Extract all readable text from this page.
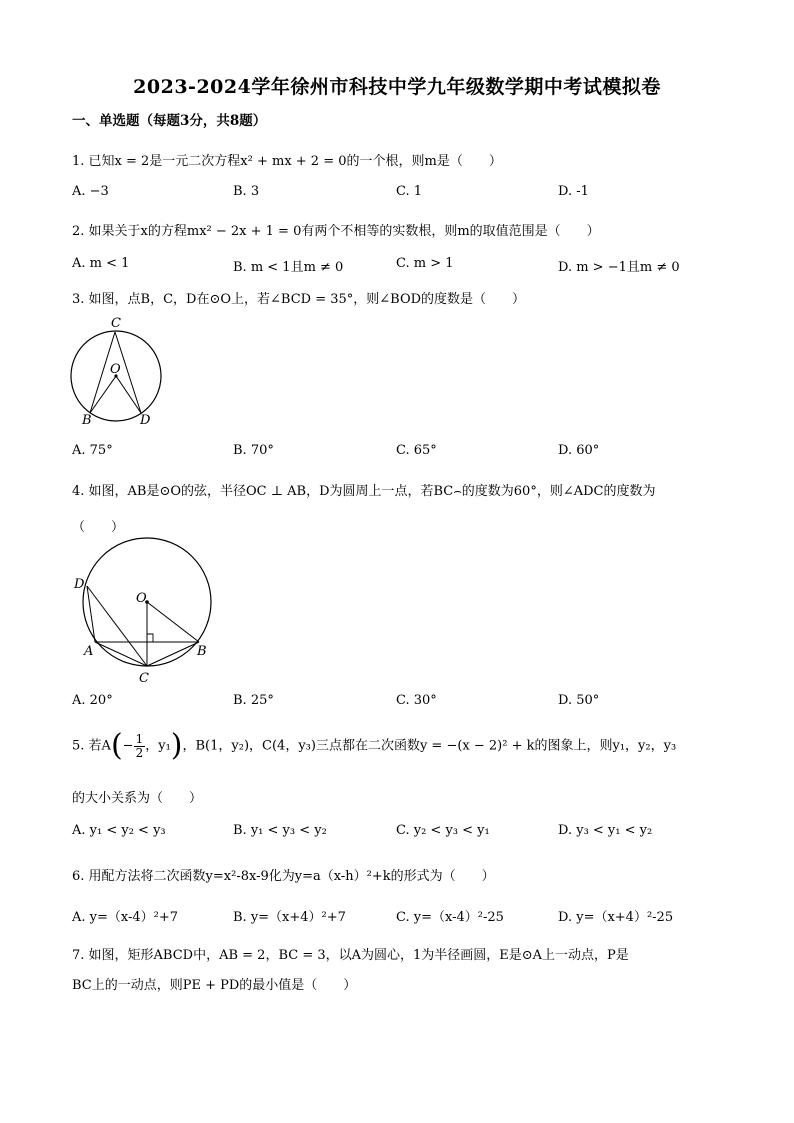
2023-2024学年徐州市科技中学九年级数学期中考试模拟卷
一、单选题（每题3分，共8题）
1. 已知x = 2是一元二次方程x² + mx + 2 = 0的一个根，则m是（　　）
A. −3	B. 3	C. 1	D. -1
2. 如果关于x的方程mx² − 2x + 1 = 0有两个不相等的实数根，则m的取值范围是（　　）
A. m < 1	B. m < 1且m ≠ 0	C. m > 1	D. m > −1且m ≠ 0
3. 如图，点B，C，D在⊙O上，若∠BCD = 35°，则∠BOD的度数是（　　）
C
O
B	D
A. 75°	B. 70°	C. 65°	D. 60°
4. 如图，AB是⊙O的弦，半径OC ⊥ AB，D为圆周上一点，若BC⌢的度数为60°，则∠ADC的度数为
（　　）
D
O
A	B
C
A. 20°	B. 25°	C. 30°	D. 50°
5. 若$A(- \frac{1}{2}$ ，y₁)，B(1，y₂)，C(4，y₃)三点都在二次函数y = −(x − 2)² + k的图象上，则y₁，y₂，y₃
的大小关系为（　　）
A. y₁ < y₂ < y₃	B. y₁ < y₃ < y₂	C. y₂ < y₃ < y₁	D. y₃ < y₁ < y₂
6. 用配方法将二次函数y=x²-8x-9化为y=a（x-h）²+k的形式为（　　）
A. y=（x-4）²+7	B. y=（x+4）²+7	C. y=（x-4）²-25	D. y=（x+4）²-25
7. 如图，矩形ABCD中，AB = 2，BC = 3，以A为圆心，1为半径画圆，E是⊙A上一动点，P是
BC上的一动点，则PE + PD的最小值是（　　）
